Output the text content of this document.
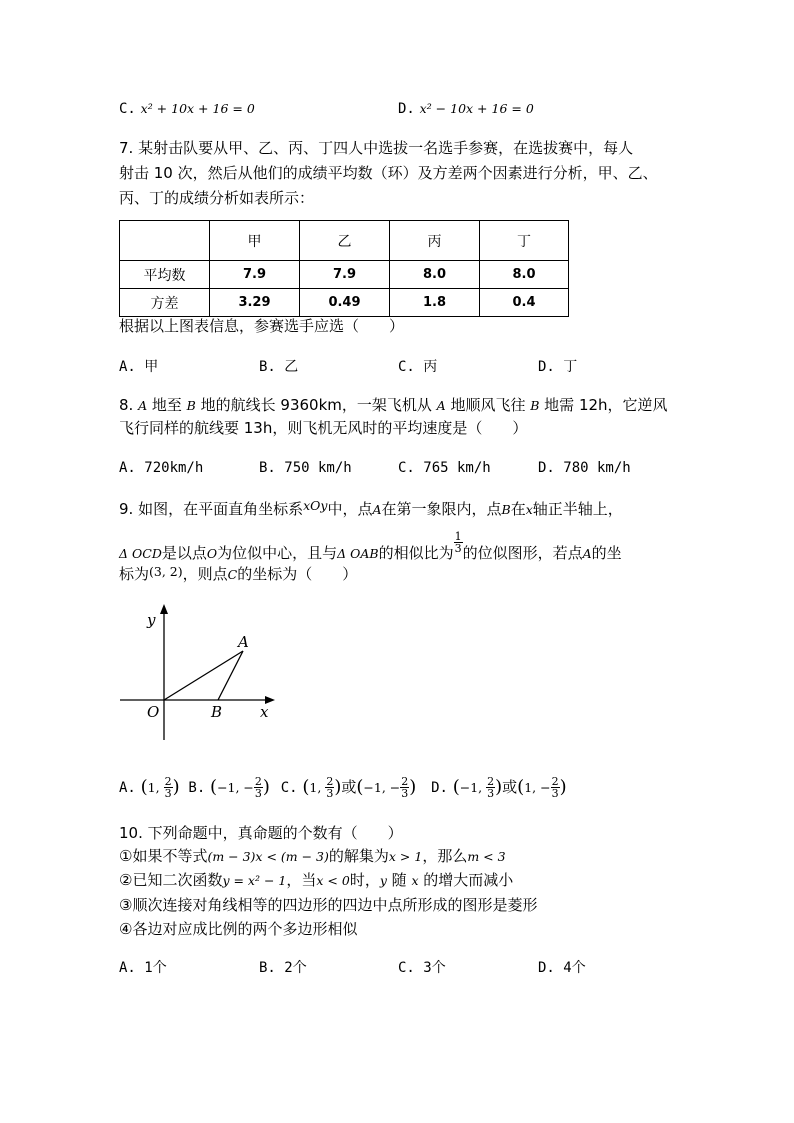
C. x² + 10x + 16 = 0	D. x² − 10x + 16 = 0
7. 某射击队要从甲、乙、丙、丁四人中选拔一名选手参赛，在选拔赛中，每人
射击 10 次，然后从他们的成绩平均数（环）及方差两个因素进行分析，甲、乙、
丙、丁的成绩分析如表所示：
	甲	乙	丙	丁
平均数	7.9	7.9	8.0	8.0
方差	3.29	0.49	1.8	0.4
根据以上图表信息，参赛选手应选（　　）
A. 甲	B. 乙	C. 丙	D. 丁
8. A 地至 B 地的航线长 9360km，一架飞机从 A 地顺风飞往 B 地需 12h，它逆风
飞行同样的航线要 13h，则飞机无风时的平均速度是（　　）
A. 720km/h	B. 750 km/h	C. 765 km/h	D. 780 km/h
9. 如图，在平面直角坐标系$^{xOy}$中，点A在第一象限内，点B在x轴正半轴上，
Δ OCD是以点O为位似中心，且与Δ OAB的相似比为 $\frac{1}{3}$ 的位似图形，若点A的坐
标为$^{(3, 2)}$，则点C的坐标为（　　）
y
x
O
A
B
A. (1, $\frac{2}{3}$ ) B. (−1, − $\frac{2}{3}$ ) C. (1, $\frac{2}{3}$ )或(−1, − $\frac{2}{3}$ ) D. (−1, $\frac{2}{3}$ )或(1, − $\frac{2}{3}$ )
10. 下列命题中，真命题的个数有（　　）
①如果不等式(m − 3)x < (m − 3)的解集为x > 1，那么m < 3
②已知二次函数y = x² − 1，当x < 0时，y 随 x 的增大而减小
③顺次连接对角线相等的四边形的四边中点所形成的图形是菱形
④各边对应成比例的两个多边形相似
A. 1个	B. 2个	C. 3个	D. 4个
